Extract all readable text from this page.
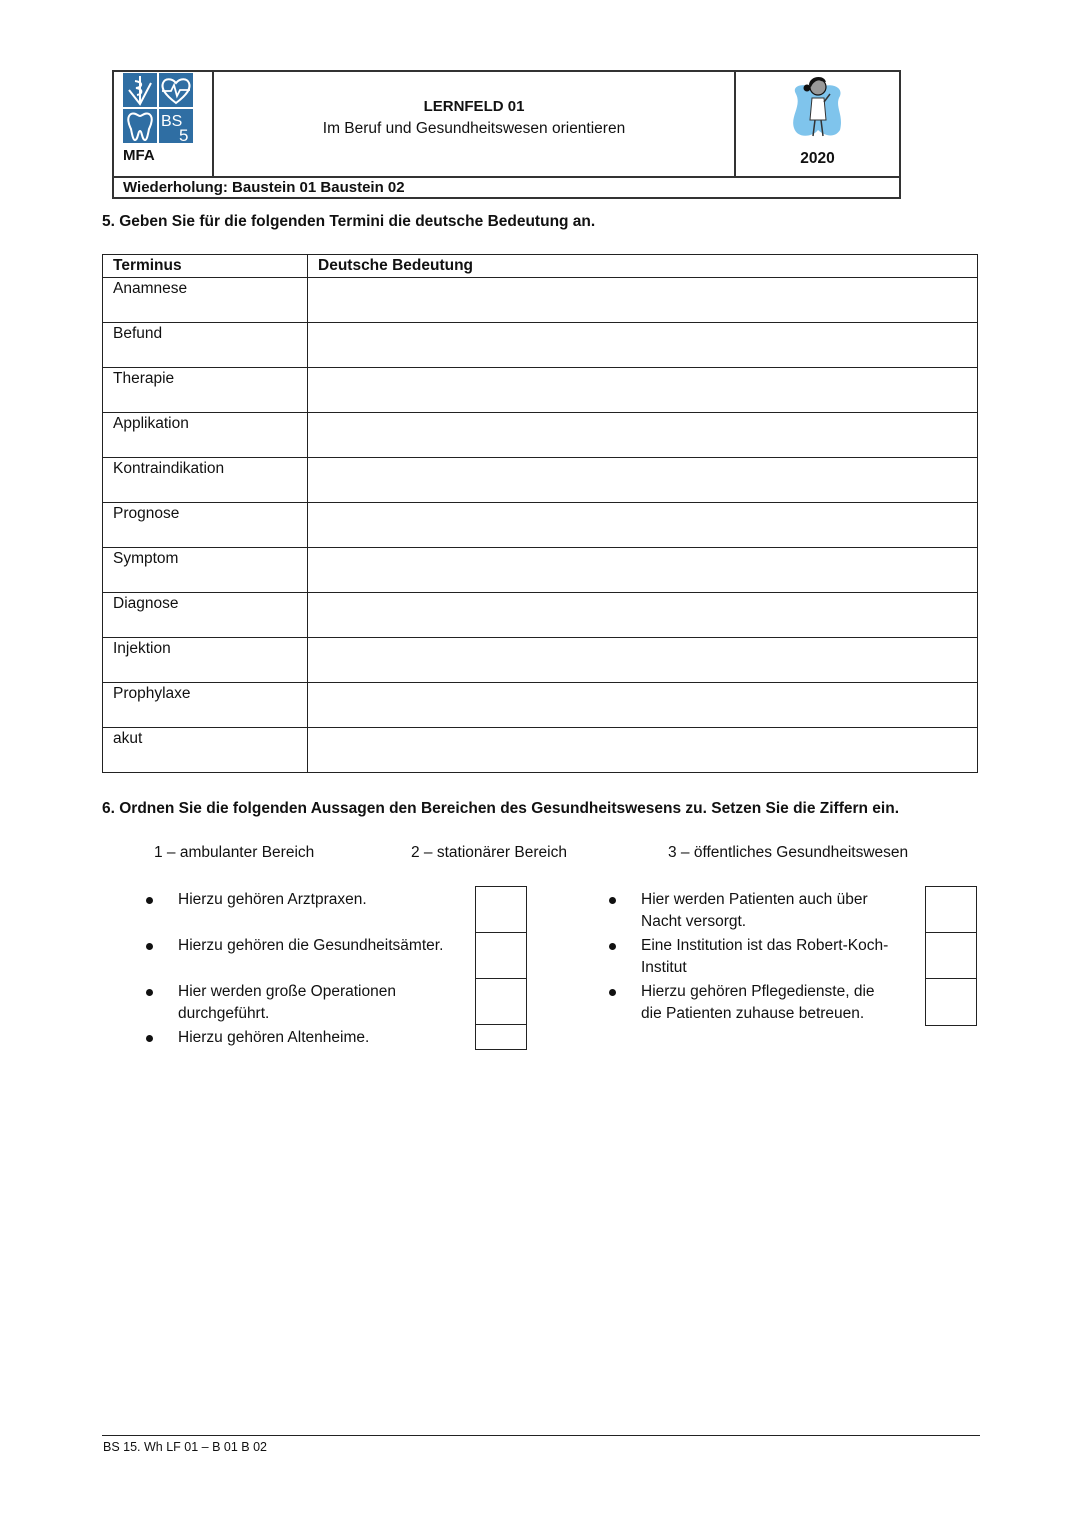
BS
5
MFA
LERNFELD 01
Im Beruf und Gesundheitswesen orientieren
2020
Wiederholung: Baustein 01 Baustein 02
5. Geben Sie für die folgenden Termini die deutsche Bedeutung an.
Terminus	Deutsche Bedeutung
Anamnese	
Befund	
Therapie	
Applikation	
Kontraindikation	
Prognose	
Symptom	
Diagnose	
Injektion	
Prophylaxe	
akut	
6. Ordnen Sie die folgenden Aussagen den Bereichen des Gesundheitswesens zu. Setzen Sie die Ziffern ein.
1 – ambulanter Bereich	2 – stationärer Bereich	3 – öffentliches Gesundheitswesen
Hierzu gehören Arztpraxen.
Hierzu gehören die Gesundheitsämter.
Hier werden große Operationen
durchgeführt.
Hierzu gehören Altenheime.
Hier werden Patienten auch über
Nacht versorgt.
Eine Institution ist das Robert-Koch-
Institut
Hierzu gehören Pflegedienste, die
die Patienten zuhause betreuen.
BS 15. Wh LF 01 – B 01 B 02
